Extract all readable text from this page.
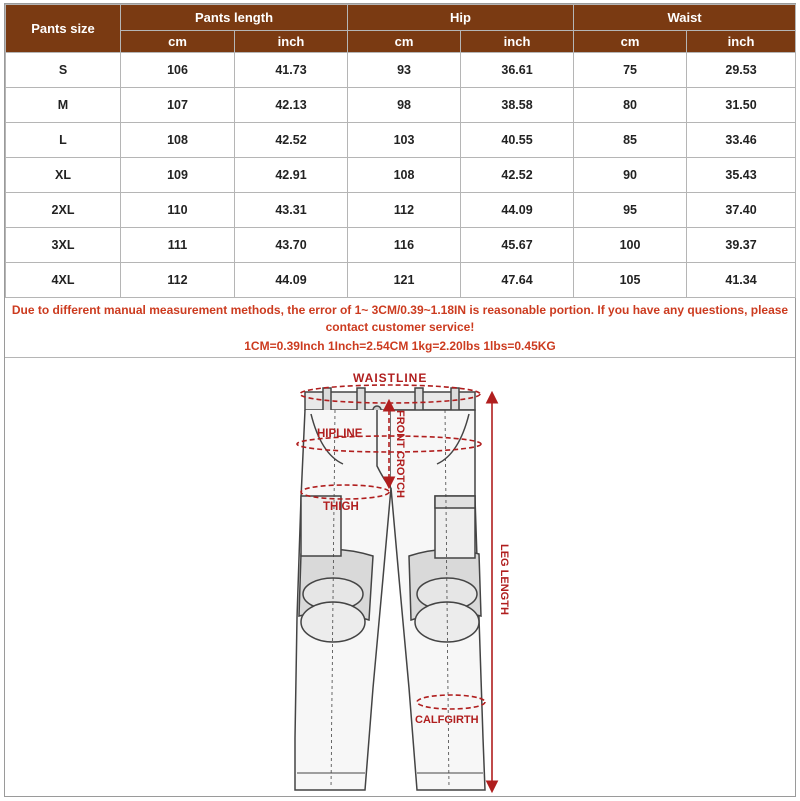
Pants size	Pants length		Hip		Waist	
	cm	inch	cm	inch	cm	inch
S	106	41.73	93	36.61	75	29.53
M	107	42.13	98	38.58	80	31.50
L	108	42.52	103	40.55	85	33.46
XL	109	42.91	108	42.52	90	35.43
2XL	110	43.31	112	44.09	95	37.40
3XL	111	43.70	116	45.67	100	39.37
4XL	112	44.09	121	47.64	105	41.34
Due to different manual measurement methods, the error of 1~ 3CM/0.39~1.18IN is reasonable portion. If you have any questions, please contact customer service!
1CM=0.39Inch 1Inch=2.54CM 1kg=2.20lbs 1lbs=0.45KG
WAISTLINE
HIPLINE	FRONT CROTCH
THIGH
LEG LENGTH
CALFGIRTH
